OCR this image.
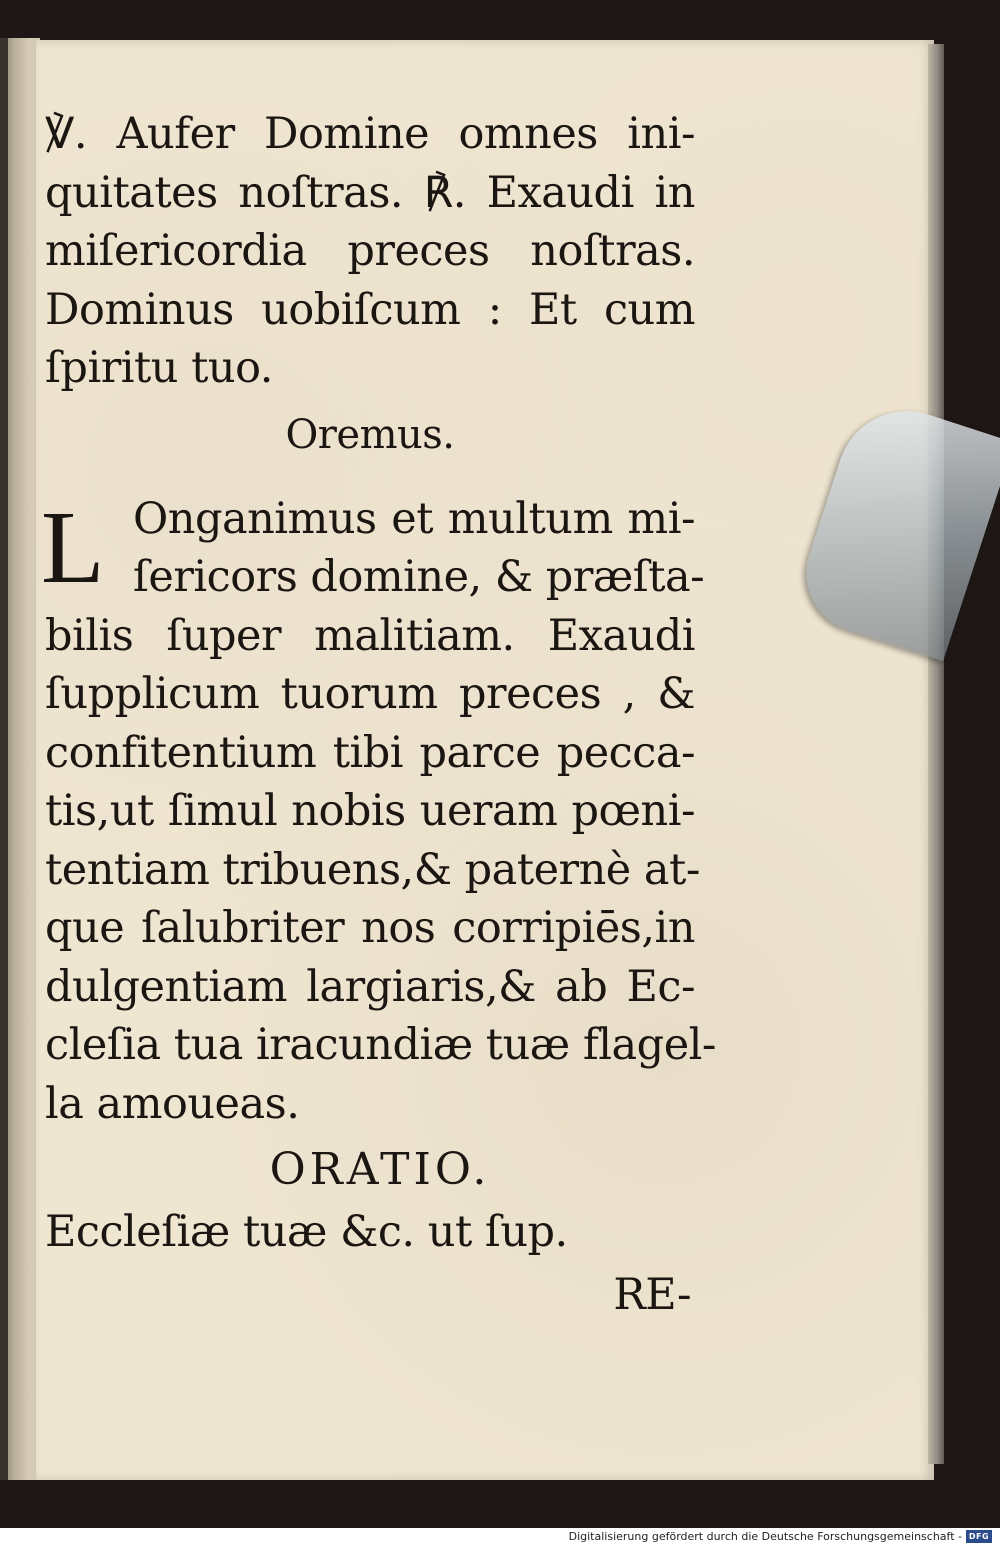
℣. Aufer Domine omnes ini-
quitates noſtras. ℟. Exaudi in
miſericordia preces noſtras.
Dominus uobiſcum : Et cum
ſpiritu tuo.
Oremus.
L Onganimus et multum mi-
ſericors domine, & præſta-
bilis ſuper malitiam. Exaudi
ſupplicum tuorum preces , &
confitentium tibi parce pecca-
tis,ut ſimul nobis ueram pœni-
tentiam tribuens,& paternè at-
que ſalubriter nos corripiēs,in
dulgentiam largiaris,& ab Ec-
cleſia tua iracundiæ tuæ flagel-
la amoueas.
ORATIO.
Eccleſiæ tuæ &c. ut ſup.
RE-
Digitalisierung gefördert durch die Deutsche Forschungsgemeinschaft - DFG
